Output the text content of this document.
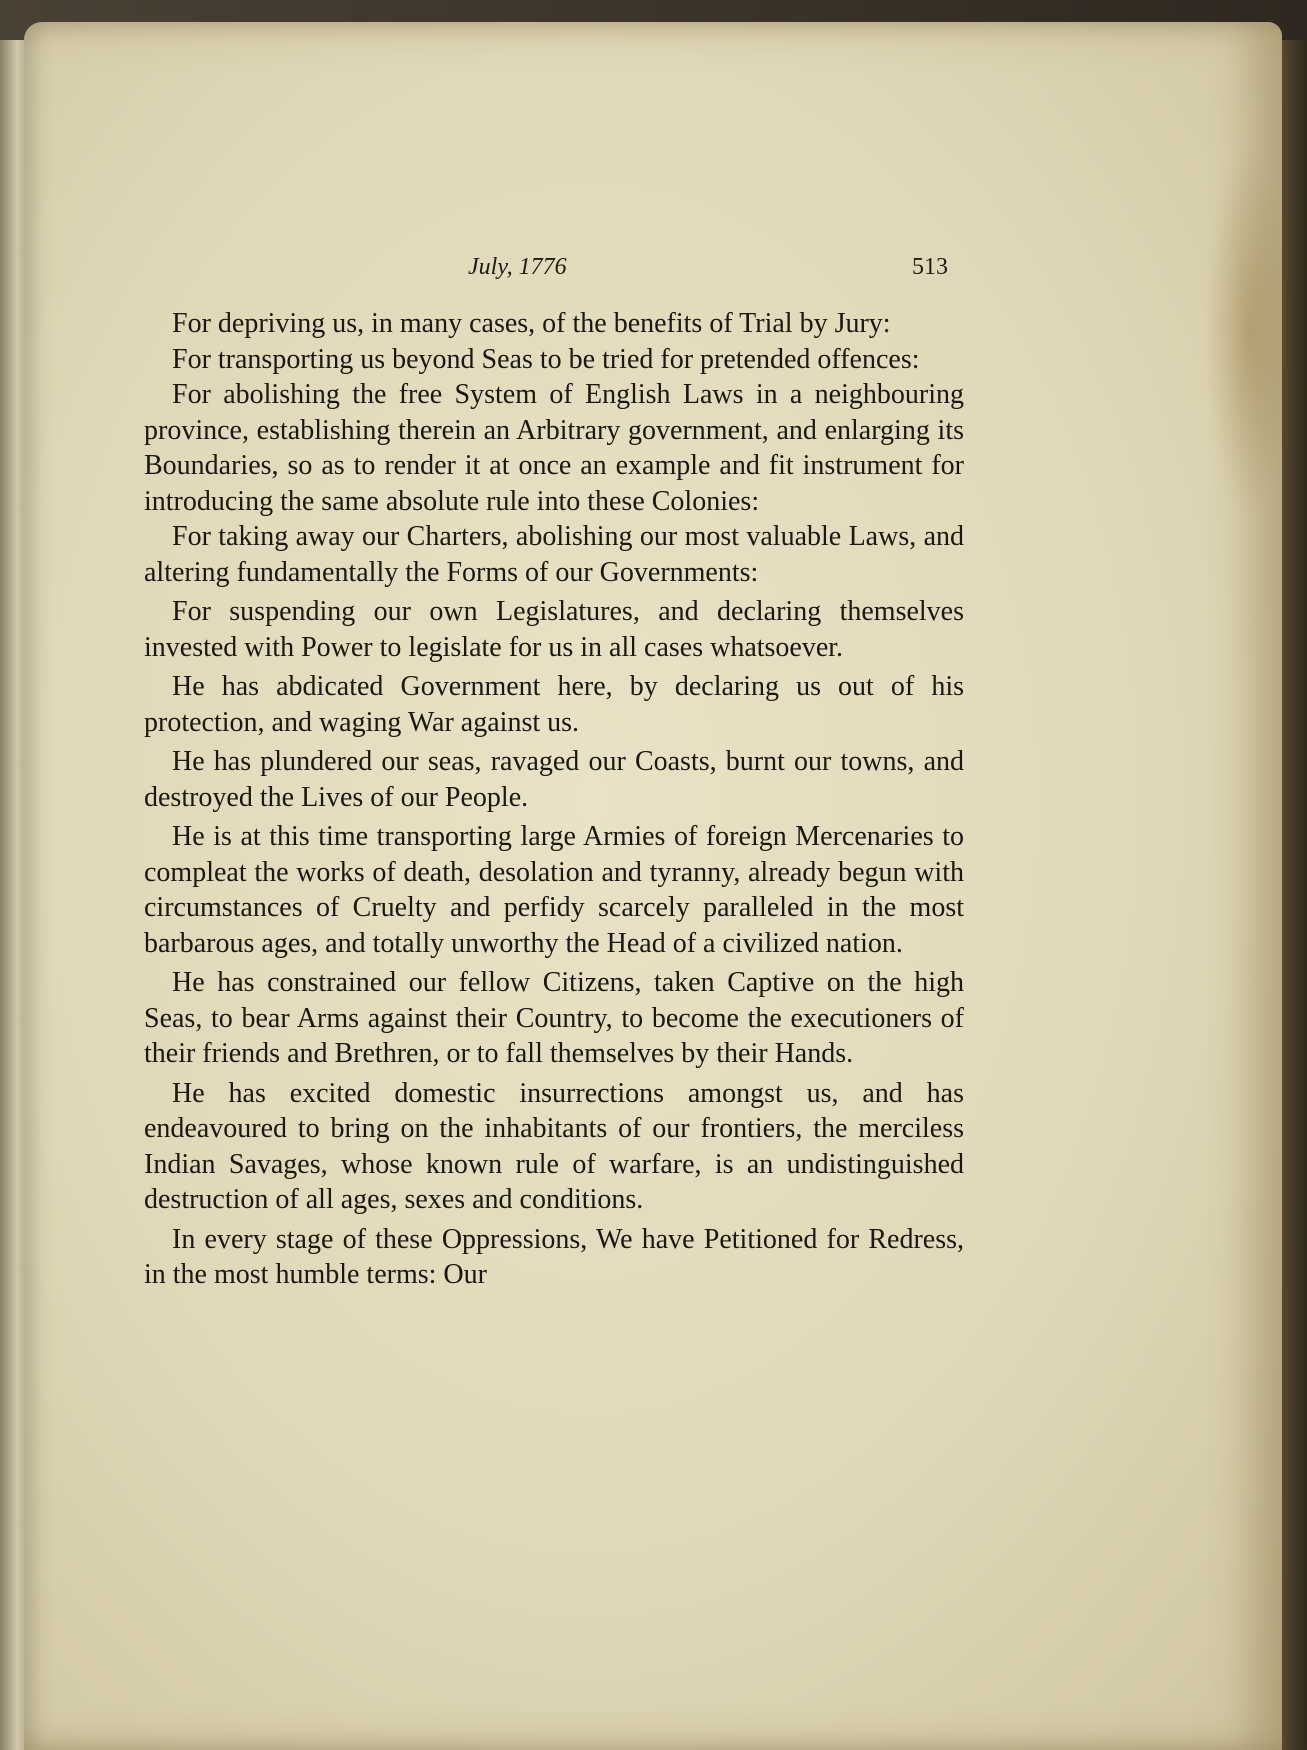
July, 1776	513

For depriving us, in many cases, of the benefits of Trial by Jury:

For transporting us beyond Seas to be tried for pretended offences:

For abolishing the free System of English Laws in a neighbouring province, establishing therein an Arbitrary government, and enlarging its Boundaries, so as to render it at once an example and fit instrument for introducing the same absolute rule into these Colonies:

For taking away our Charters, abolishing our most valuable Laws, and altering fundamentally the Forms of our Governments:

For suspending our own Legislatures, and declaring themselves invested with Power to legislate for us in all cases whatsoever.

He has abdicated Government here, by declaring us out of his protection, and waging War against us.

He has plundered our seas, ravaged our Coasts, burnt our towns, and destroyed the Lives of our People.

He is at this time transporting large Armies of foreign Mercenaries to compleat the works of death, desolation and tyranny, already begun with circumstances of Cruelty and perfidy scarcely paralleled in the most barbarous ages, and totally unworthy the Head of a civilized nation.

He has constrained our fellow Citizens, taken Captive on the high Seas, to bear Arms against their Country, to become the executioners of their friends and Brethren, or to fall themselves by their Hands.

He has excited domestic insurrections amongst us, and has endeavoured to bring on the inhabitants of our frontiers, the merciless Indian Savages, whose known rule of warfare, is an undistinguished destruction of all ages, sexes and conditions.

In every stage of these Oppressions, We have Petitioned for Redress, in the most humble terms: Our
